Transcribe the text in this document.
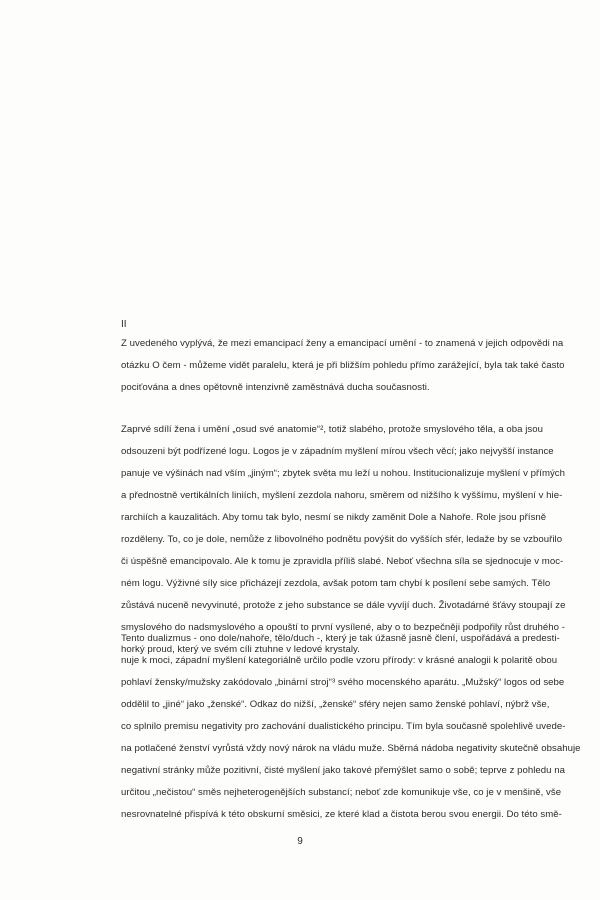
II
Z uvedeného vyplývá, že mezi emancipací ženy a emancipací umění - to znamená v jejich odpovědi na
otázku O čem - můžeme vidět paralelu, která je při bližším pohledu přímo zarážející, byla tak také často
pociťována a dnes opětovně intenzivně zaměstnává ducha současnosti.
Zaprvé sdílí žena i umění „osud své anatomie“², totiž slabého, protože smyslového těla, a oba jsou
odsouzeni být podřízené logu. Logos je v západním myšlení mírou všech věcí; jako nejvyšší instance
panuje ve výšinách nad vším „jiným“; zbytek světa mu leží u nohou. Institucionalizuje myšlení v přímých
a přednostně vertikálních liniích, myšlení zezdola nahoru, směrem od nižšího k vyššímu, myšlení v hie-
rarchiích a kauzalitách. Aby tomu tak bylo, nesmí se nikdy zaměnit Dole a Nahoře. Role jsou přísně
rozděleny. To, co je dole, nemůže z libovolného podnětu povýšit do vyšších sfér, ledaže by se vzbouřilo
či úspěšně emancipovalo. Ale k tomu je zpravidla příliš slabé. Neboť všechna síla se sjednocuje v moc-
ném logu. Výživné síly sice přicházejí zezdola, avšak potom tam chybí k posílení sebe samých. Tělo
zůstává nuceně nevyvinuté, protože z jeho substance se dále vyvíjí duch. Životadárné šťávy stoupají ze
smyslového do nadsmyslového a opouští to první vysílené, aby o to bezpečněji podpořily růst druhého -
horký proud, který ve svém cíli ztuhne v ledové krystaly.
Tento dualizmus - ono dole/nahoře, tělo/duch -, který je tak úžasně jasně člení, uspořádává a predesti-
nuje k moci, západní myšlení kategoriálně určilo podle vzoru přírody: v krásné analogii k polaritě obou
pohlaví žensky/mužsky zakódovalo „binární stroj“³ svého mocenského aparátu. „Mužský“ logos od sebe
oddělil to „jiné“ jako „ženské“. Odkaz do nižší, „ženské“ sféry nejen samo ženské pohlaví, nýbrž vše,
co splnilo premisu negativity pro zachování dualistického principu. Tím byla současně spolehlivě uvede-
na potlačené ženství vyrůstá vždy nový nárok na vládu muže. Sběrná nádoba negativity skutečně obsahuje
negativní stránky může pozitivní, čisté myšlení jako takové přemýšlet samo o sobě; teprve z pohledu na
určitou „nečistou“ směs nejheterogenějších substancí; neboť zde komunikuje vše, co je v menšině, vše
nesrovnatelné přispívá k této obskurní směsici, ze které klad a čistota berou svou energii. Do této smě-
9
